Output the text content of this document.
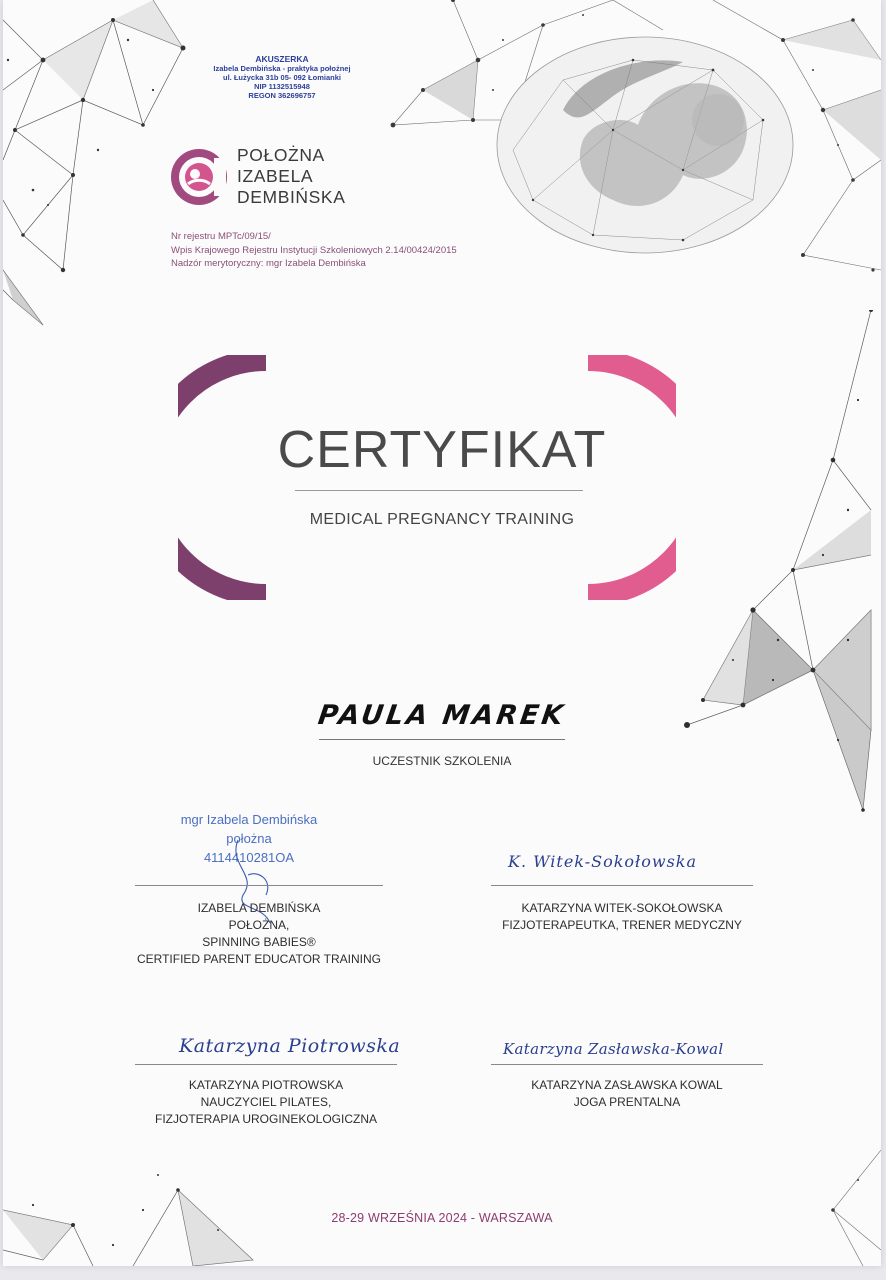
AKUSZERKA
Izabela Dembińska - praktyka położnej
ul. Łużycka 31b 05- 092 Łomianki
NIP 1132515948
REGON 362696757
POŁOŻNA
IZABELA
DEMBIŃSKA
Nr rejestru MPTc/09/15/
Wpis Krajowego Rejestru Instytucji Szkoleniowych 2.14/00424/2015
Nadzór merytoryczny: mgr Izabela Dembińska
CERTYFIKAT
MEDICAL PREGNANCY TRAINING
PAULA MAREK
UCZESTNIK SZKOLENIA
mgr Izabela Dembińska
położna
4114410281OA
IZABELA DEMBIŃSKA
POŁOŻNA,
SPINNING BABIES®
CERTIFIED PARENT EDUCATOR TRAINING
K. Witek-Sokołowska
KATARZYNA WITEK-SOKOŁOWSKA
FIZJOTERAPEUTKA, TRENER MEDYCZNY
Katarzyna Piotrowska
KATARZYNA PIOTROWSKA
NAUCZYCIEL PILATES,
FIZJOTERAPIA UROGINEKOLOGICZNA
Katarzyna Zasławska-Kowal
KATARZYNA ZASŁAWSKA KOWAL
JOGA PRENTALNA
28-29 WRZEŚNIA 2024 - WARSZAWA
